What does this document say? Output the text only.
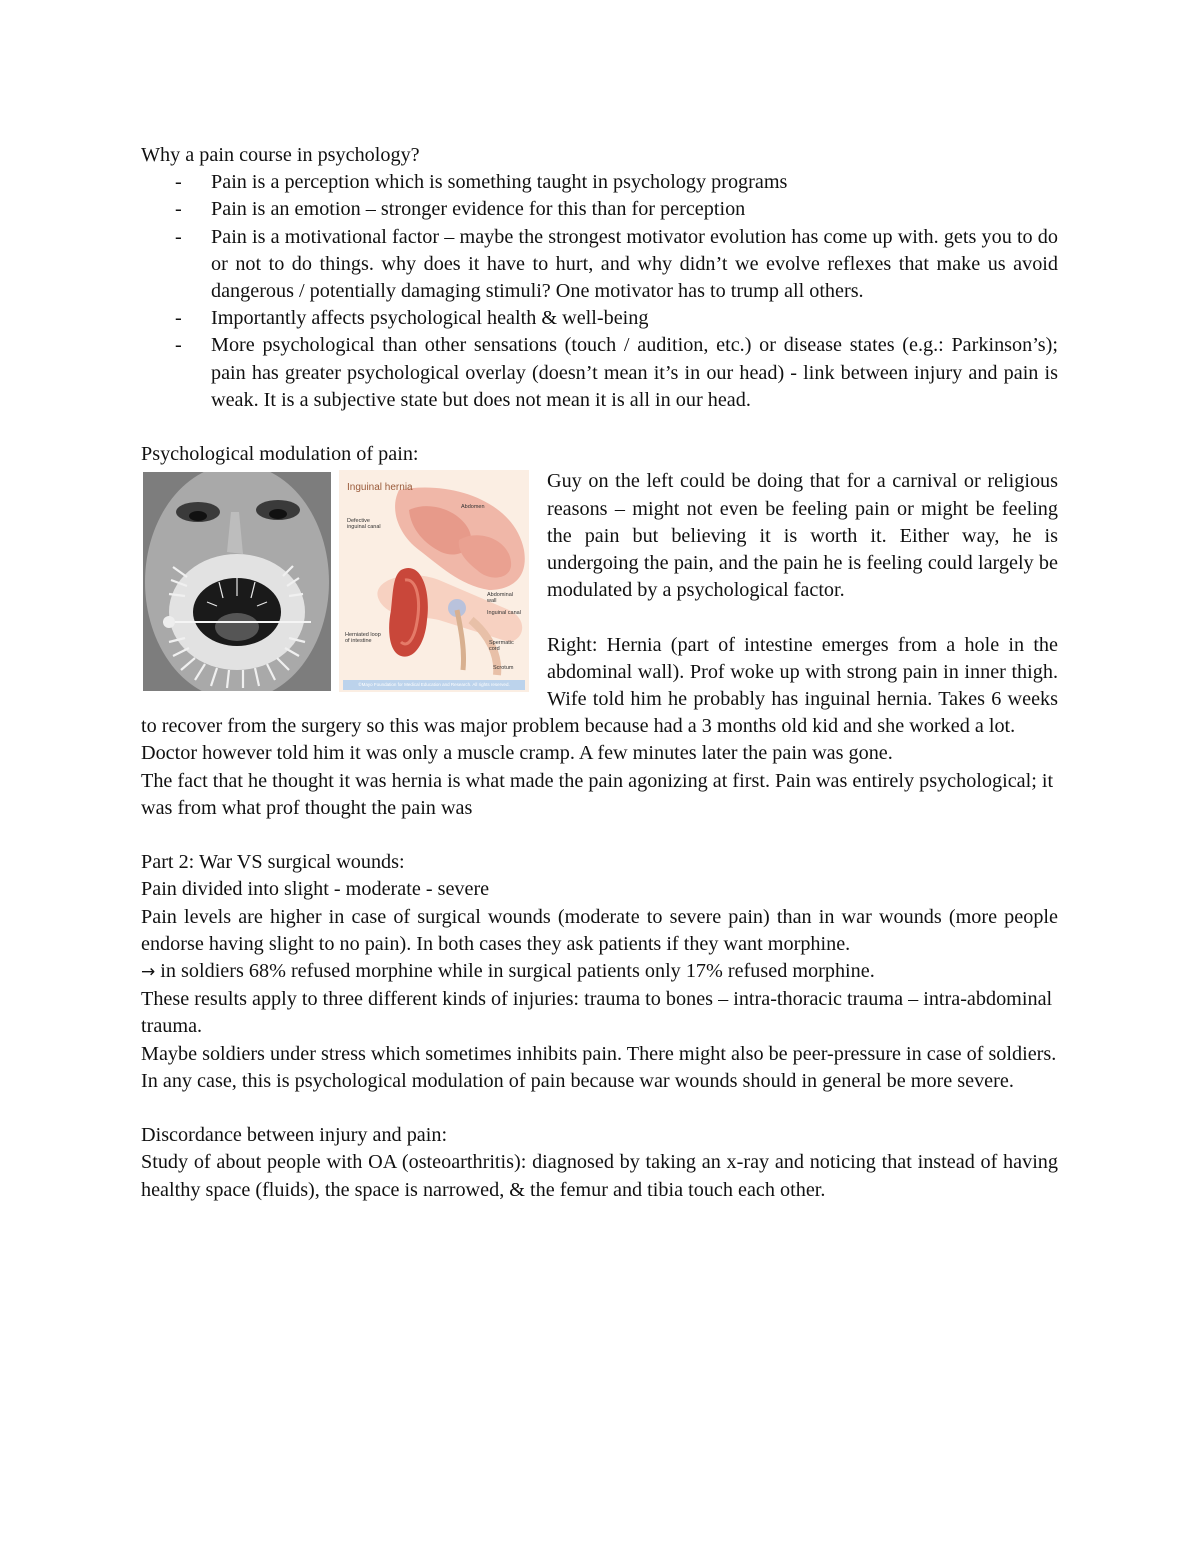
Why a pain course in psychology?

- Pain is a perception which is something taught in psychology programs
- Pain is an emotion – stronger evidence for this than for perception
- Pain is a motivational factor – maybe the strongest motivator evolution has come up with. gets you to do or not to do things. why does it have to hurt, and why didn’t we evolve reflexes that make us avoid dangerous / potentially damaging stimuli? One motivator has to trump all others.
- Importantly affects psychological health & well-being
- More psychological than other sensations (touch / audition, etc.) or disease states (e.g.: Parkinson’s); pain has greater psychological overlay (doesn’t mean it’s in our head) - link between injury and pain is weak. It is a subjective state but does not mean it is all in our head.

Psychological modulation of pain:

Inguinal hernia
Abdomen
Defective inguinal canal
Abdominal wall
Inguinal canal
Herniated loop of intestine	Spermatic cord
Scrotum
©Mayo Foundation for Medical Education and Research. All rights reserved.

Guy on the left could be doing that for a carnival or religious reasons – might not even be feeling pain or might be feeling the pain but believing it is worth it. Either way, he is undergoing the pain, and the pain he is feeling could largely be modulated by a psychological factor.

Right: Hernia (part of intestine emerges from a hole in the abdominal wall). Prof woke up with strong pain in inner thigh. Wife told him he probably has inguinal hernia. Takes 6 weeks to recover from the surgery so this was major problem because had a 3 months old kid and she worked a lot.

Doctor however told him it was only a muscle cramp. A few minutes later the pain was gone.

The fact that he thought it was hernia is what made the pain agonizing at first. Pain was entirely psychological; it was from what prof thought the pain was

Part 2: War VS surgical wounds:

Pain divided into slight - moderate - severe

Pain levels are higher in case of surgical wounds (moderate to severe pain) than in war wounds (more people endorse having slight to no pain). In both cases they ask patients if they want morphine.

→ in soldiers 68% refused morphine while in surgical patients only 17% refused morphine.

These results apply to three different kinds of injuries: trauma to bones – intra-thoracic trauma – intra-abdominal trauma.

Maybe soldiers under stress which sometimes inhibits pain. There might also be peer-pressure in case of soldiers.

In any case, this is psychological modulation of pain because war wounds should in general be more severe.

Discordance between injury and pain:

Study of about people with OA (osteoarthritis): diagnosed by taking an x-ray and noticing that instead of having healthy space (fluids), the space is narrowed, & the femur and tibia touch each other.
